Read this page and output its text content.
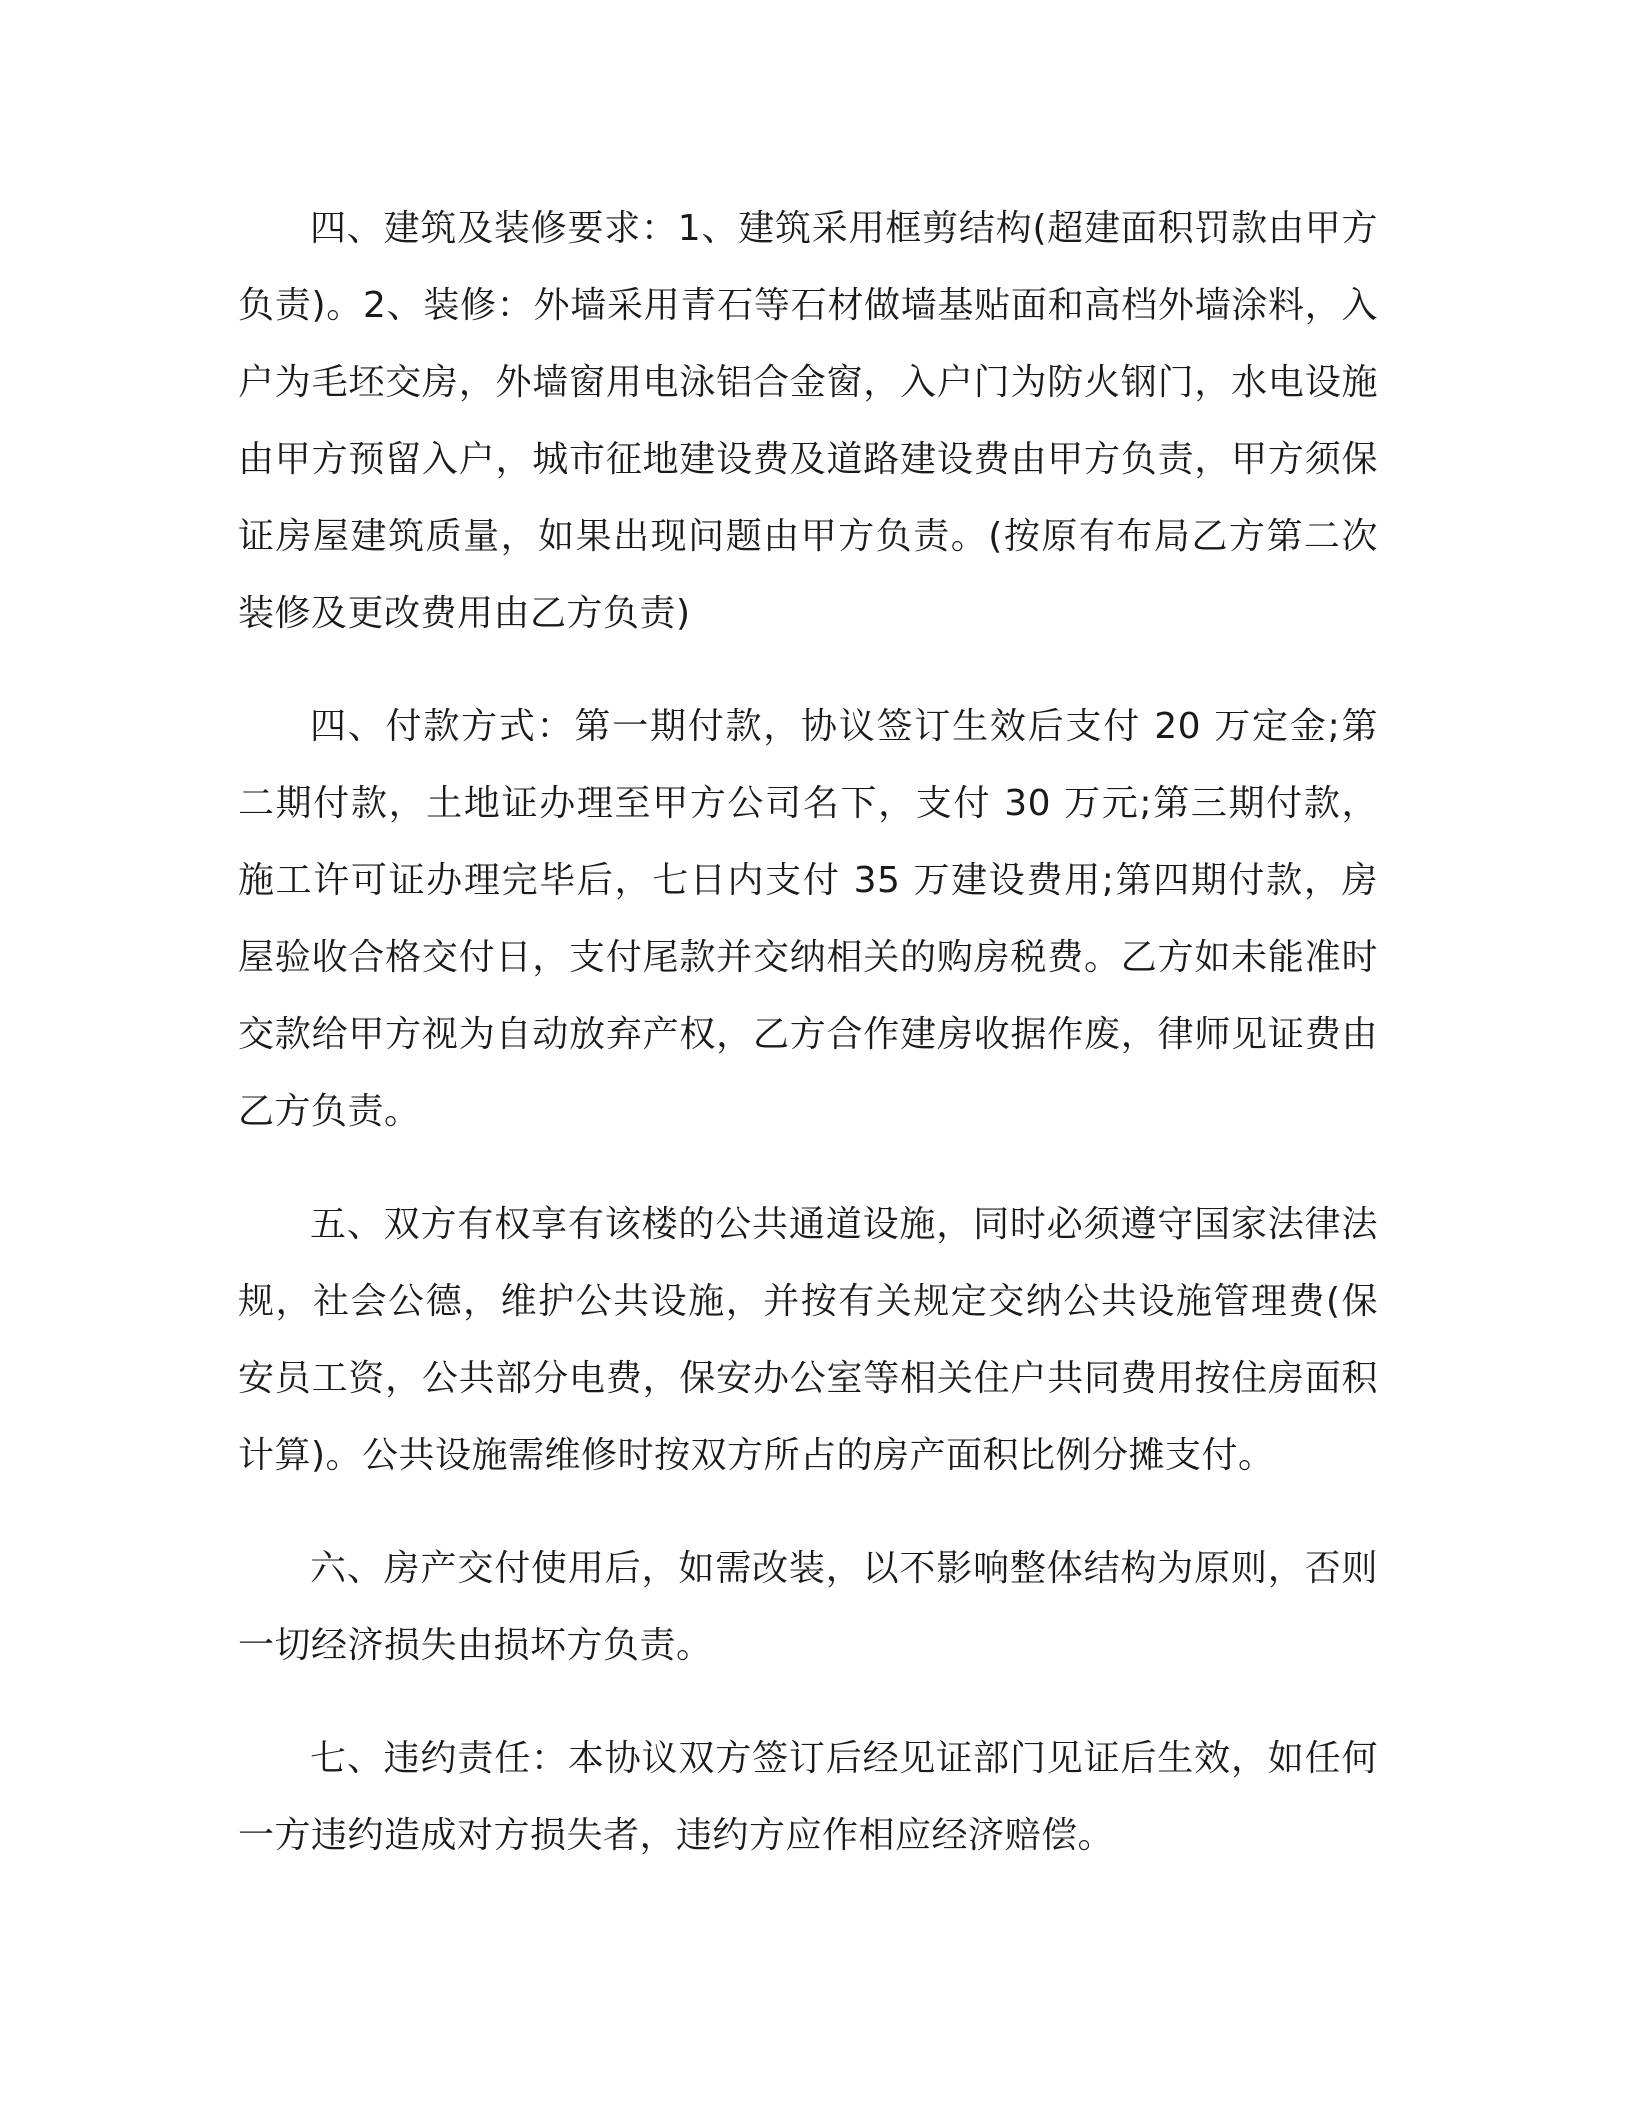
四、建筑及装修要求：1、建筑采用框剪结构(超建面积罚款由甲方负责)。2、装修：外墙采用青石等石材做墙基贴面和高档外墙涂料，入户为毛坯交房，外墙窗用电泳铝合金窗，入户门为防火钢门，水电设施由甲方预留入户，城市征地建设费及道路建设费由甲方负责，甲方须保证房屋建筑质量，如果出现问题由甲方负责。(按原有布局乙方第二次装修及更改费用由乙方负责)

四、付款方式：第一期付款，协议签订生效后支付 20 万定金;第二期付款，土地证办理至甲方公司名下，支付 30 万元;第三期付款，施工许可证办理完毕后，七日内支付 35 万建设费用;第四期付款，房屋验收合格交付日，支付尾款并交纳相关的购房税费。乙方如未能准时交款给甲方视为自动放弃产权，乙方合作建房收据作废，律师见证费由乙方负责。

五、双方有权享有该楼的公共通道设施，同时必须遵守国家法律法规，社会公德，维护公共设施，并按有关规定交纳公共设施管理费(保安员工资，公共部分电费，保安办公室等相关住户共同费用按住房面积计算)。公共设施需维修时按双方所占的房产面积比例分摊支付。

六、房产交付使用后，如需改装，以不影响整体结构为原则，否则一切经济损失由损坏方负责。

七、违约责任：本协议双方签订后经见证部门见证后生效，如任何一方违约造成对方损失者，违约方应作相应经济赔偿。
